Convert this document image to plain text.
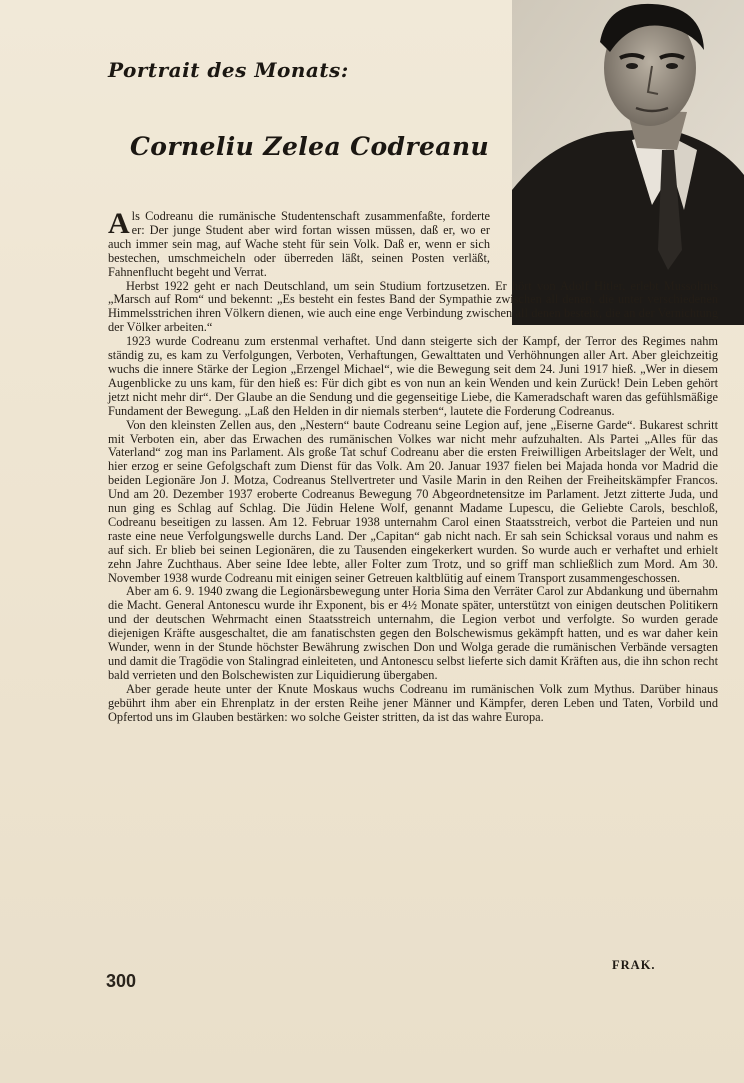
Portrait des Monats:
Corneliu Zelea Codreanu

Als Codreanu die rumänische Studentenschaft zusammenfaßte, forderte er: Der junge Student aber wird fortan wissen müssen, daß er, wo er auch immer sein mag, auf Wache steht für sein Volk. Daß er, wenn er sich bestechen, umschmeicheln oder überreden läßt, seinen Posten verläßt, Fahnenflucht begeht und Verrat.

Herbst 1922 geht er nach Deutschland, um sein Studium fortzusetzen. Er hört von Adolf Hitler, erlebt Mussolinis „Marsch auf Rom“ und bekennt: „Es besteht ein festes Band der Sympathie zwischen all denen, die unter verschiedenen Himmelsstrichen ihren Völkern dienen, wie auch eine enge Verbindung zwischen all denen besteht, die an der Vernichtung der Völker arbeiten.“

1923 wurde Codreanu zum erstenmal verhaftet. Und dann steigerte sich der Kampf, der Terror des Regimes nahm ständig zu, es kam zu Verfolgungen, Verboten, Verhaftungen, Gewalttaten und Verhöhnungen aller Art. Aber gleichzeitig wuchs die innere Stärke der Legion „Erzengel Michael“, wie die Bewegung seit dem 24. Juni 1917 hieß. „Wer in diesem Augenblicke zu uns kam, für den hieß es: Für dich gibt es von nun an kein Wenden und kein Zurück! Dein Leben gehört jetzt nicht mehr dir“. Der Glaube an die Sendung und die gegenseitige Liebe, die Kameradschaft waren das gefühlsmäßige Fundament der Bewegung. „Laß den Helden in dir niemals sterben“, lautete die Forderung Codreanus.

Von den kleinsten Zellen aus, den „Nestern“ baute Codreanu seine Legion auf, jene „Eiserne Garde“. Bukarest schritt mit Verboten ein, aber das Erwachen des rumänischen Volkes war nicht mehr aufzuhalten. Als Partei „Alles für das Vaterland“ zog man ins Parlament. Als große Tat schuf Codreanu aber die ersten Freiwilligen Arbeitslager der Welt, und hier erzog er seine Gefolgschaft zum Dienst für das Volk. Am 20. Januar 1937 fielen bei Majada honda vor Madrid die beiden Legionäre Jon J. Motza, Codreanus Stellvertreter und Vasile Marin in den Reihen der Freiheitskämpfer Francos. Und am 20. Dezember 1937 eroberte Codreanus Bewegung 70 Abgeordnetensitze im Parlament. Jetzt zitterte Juda, und nun ging es Schlag auf Schlag. Die Jüdin Helene Wolf, genannt Madame Lupescu, die Geliebte Carols, beschloß, Codreanu beseitigen zu lassen. Am 12. Februar 1938 unternahm Carol einen Staatsstreich, verbot die Parteien und nun raste eine neue Verfolgungswelle durchs Land. Der „Capitan“ gab nicht nach. Er sah sein Schicksal voraus und nahm es auf sich. Er blieb bei seinen Legionären, die zu Tausenden eingekerkert wurden. So wurde auch er verhaftet und erhielt zehn Jahre Zuchthaus. Aber seine Idee lebte, aller Folter zum Trotz, und so griff man schließlich zum Mord. Am 30. November 1938 wurde Codreanu mit einigen seiner Getreuen kaltblütig auf einem Transport zusammengeschossen.

Aber am 6. 9. 1940 zwang die Legionärsbewegung unter Horia Sima den Verräter Carol zur Abdankung und übernahm die Macht. General Antonescu wurde ihr Exponent, bis er 4½ Monate später, unterstützt von einigen deutschen Politikern und der deutschen Wehrmacht einen Staatsstreich unternahm, die Legion verbot und verfolgte. So wurden gerade diejenigen Kräfte ausgeschaltet, die am fanatischsten gegen den Bolschewismus gekämpft hatten, und es war daher kein Wunder, wenn in der Stunde höchster Bewährung zwischen Don und Wolga gerade die rumänischen Verbände versagten und damit die Tragödie von Stalingrad einleiteten, und Antonescu selbst lieferte sich damit Kräften aus, die ihn schon recht bald verrieten und den Bolschewisten zur Liquidierung übergaben.

Aber gerade heute unter der Knute Moskaus wuchs Codreanu im rumänischen Volk zum Mythus. Darüber hinaus gebührt ihm aber ein Ehrenplatz in der ersten Reihe jener Männer und Kämpfer, deren Leben und Taten, Vorbild und Opfertod uns im Glauben bestärken: wo solche Geister stritten, da ist das wahre Europa.

FRAK.
300
